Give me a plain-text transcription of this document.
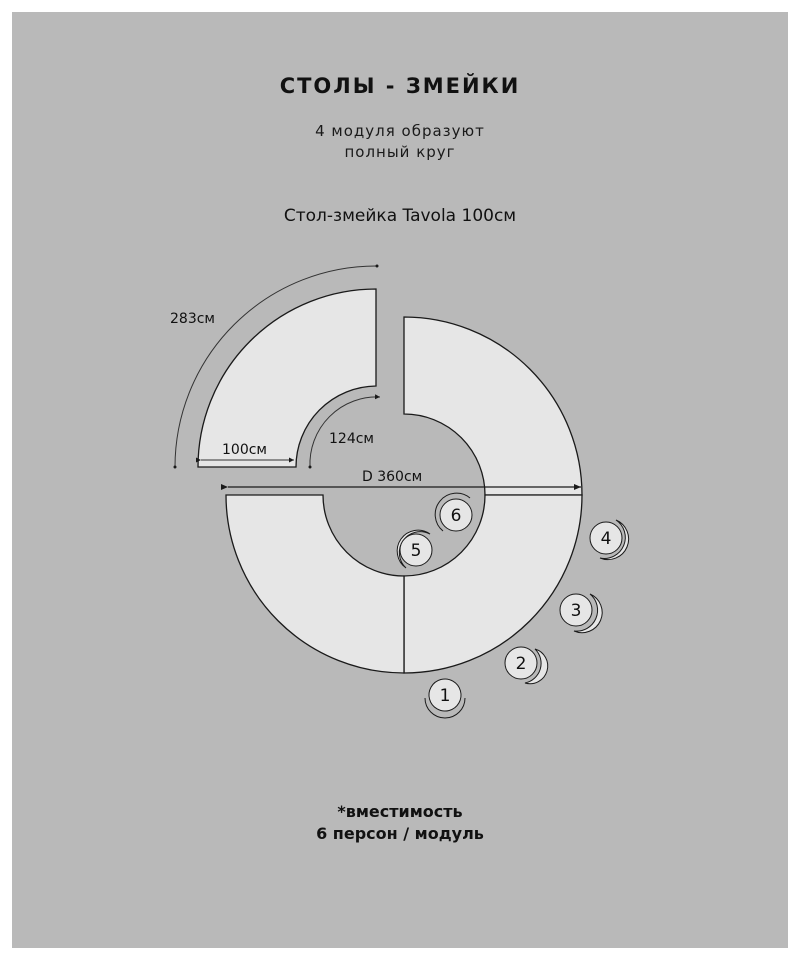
СТОЛЫ - ЗМЕЙКИ
4 модуля образуют
полный круг
Стол-змейка Tavola 100см
283см
124см
100см
D 360см
1
2
3
4
5
6
*вместимость
6 персон / модуль
